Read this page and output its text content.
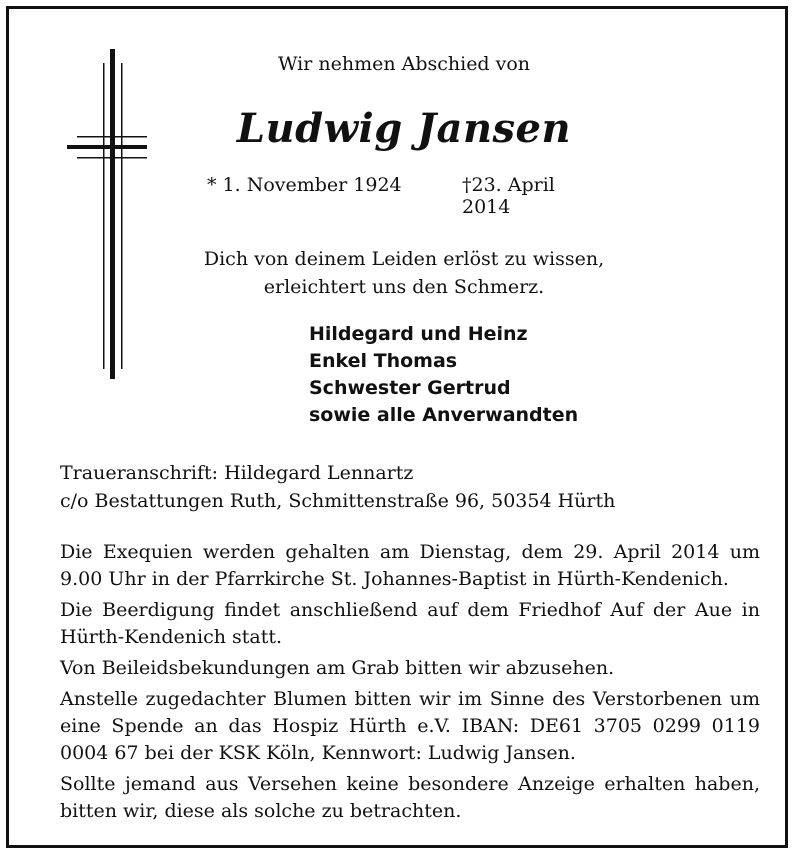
Wir nehmen Abschied von
Ludwig Jansen
* 1. November 1924	†23. April 2014
Dich von deinem Leiden erlöst zu wissen,
erleichtert uns den Schmerz.
Hildegard und Heinz
Enkel Thomas
Schwester Gertrud
sowie alle Anverwandten
Traueranschrift: Hildegard Lennartz
c/o Bestattungen Ruth, Schmittenstraße 96, 50354 Hürth

Die Exequien werden gehalten am Dienstag, dem 29. April 2014 um 9.00 Uhr in der Pfarrkirche St. Johannes-Baptist in Hürth-Kendenich.

Die Beerdigung findet anschließend auf dem Friedhof Auf der Aue in Hürth-Kendenich statt.

Von Beileidsbekundungen am Grab bitten wir abzusehen.

Anstelle zugedachter Blumen bitten wir im Sinne des Verstorbenen um eine Spende an das Hospiz Hürth e.V. IBAN: DE61 3705 0299 0119 0004 67 bei der KSK Köln, Kennwort: Ludwig Jansen.

Sollte jemand aus Versehen keine besondere Anzeige erhalten haben, bitten wir, diese als solche zu betrachten.
